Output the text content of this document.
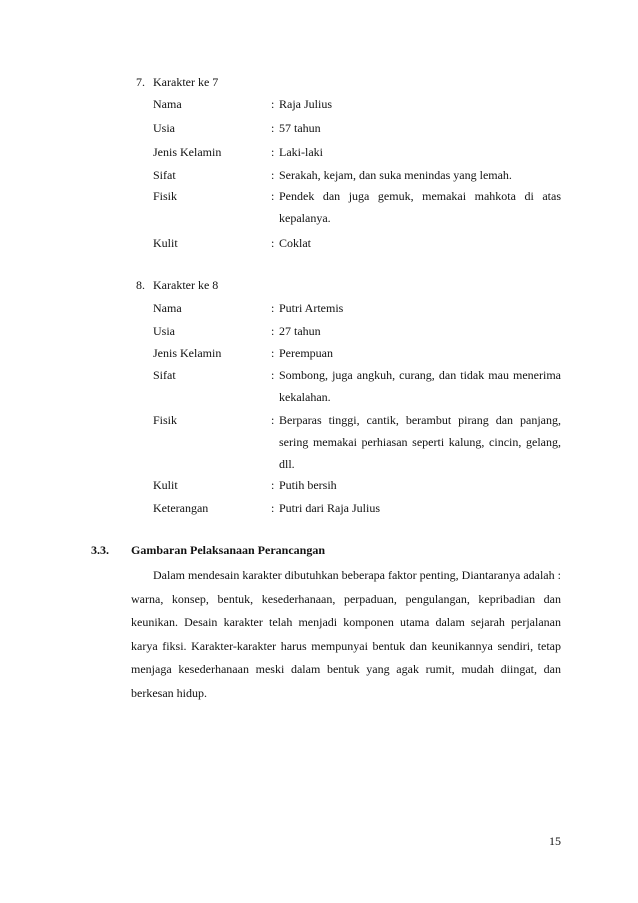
7. Karakter ke 7
Nama	: Raja Julius
Usia	: 57 tahun
Jenis Kelamin	: Laki-laki
Sifat	: Serakah, kejam, dan suka menindas yang lemah.
Fisik	: Pendek dan juga gemuk, memakai mahkota di atas kepalanya.
Kulit	: Coklat
8. Karakter ke 8
Nama	: Putri Artemis
Usia	: 27 tahun
Jenis Kelamin	: Perempuan
Sifat	: Sombong, juga angkuh, curang, dan tidak mau menerima kekalahan.
Fisik	: Berparas tinggi, cantik, berambut pirang dan panjang, sering memakai perhiasan seperti kalung, cincin, gelang, dll.
Kulit	: Putih bersih
Keterangan	: Putri dari Raja Julius
3.3. Gambaran Pelaksanaan Perancangan

Dalam mendesain karakter dibutuhkan beberapa faktor penting, Diantaranya adalah : warna, konsep, bentuk, kesederhanaan, perpaduan, pengulangan, kepribadian dan keunikan. Desain karakter telah menjadi komponen utama dalam sejarah perjalanan karya fiksi. Karakter-karakter harus mempunyai bentuk dan keunikannya sendiri, tetap menjaga kesederhanaan meski dalam bentuk yang agak rumit, mudah diingat, dan berkesan hidup.

15
